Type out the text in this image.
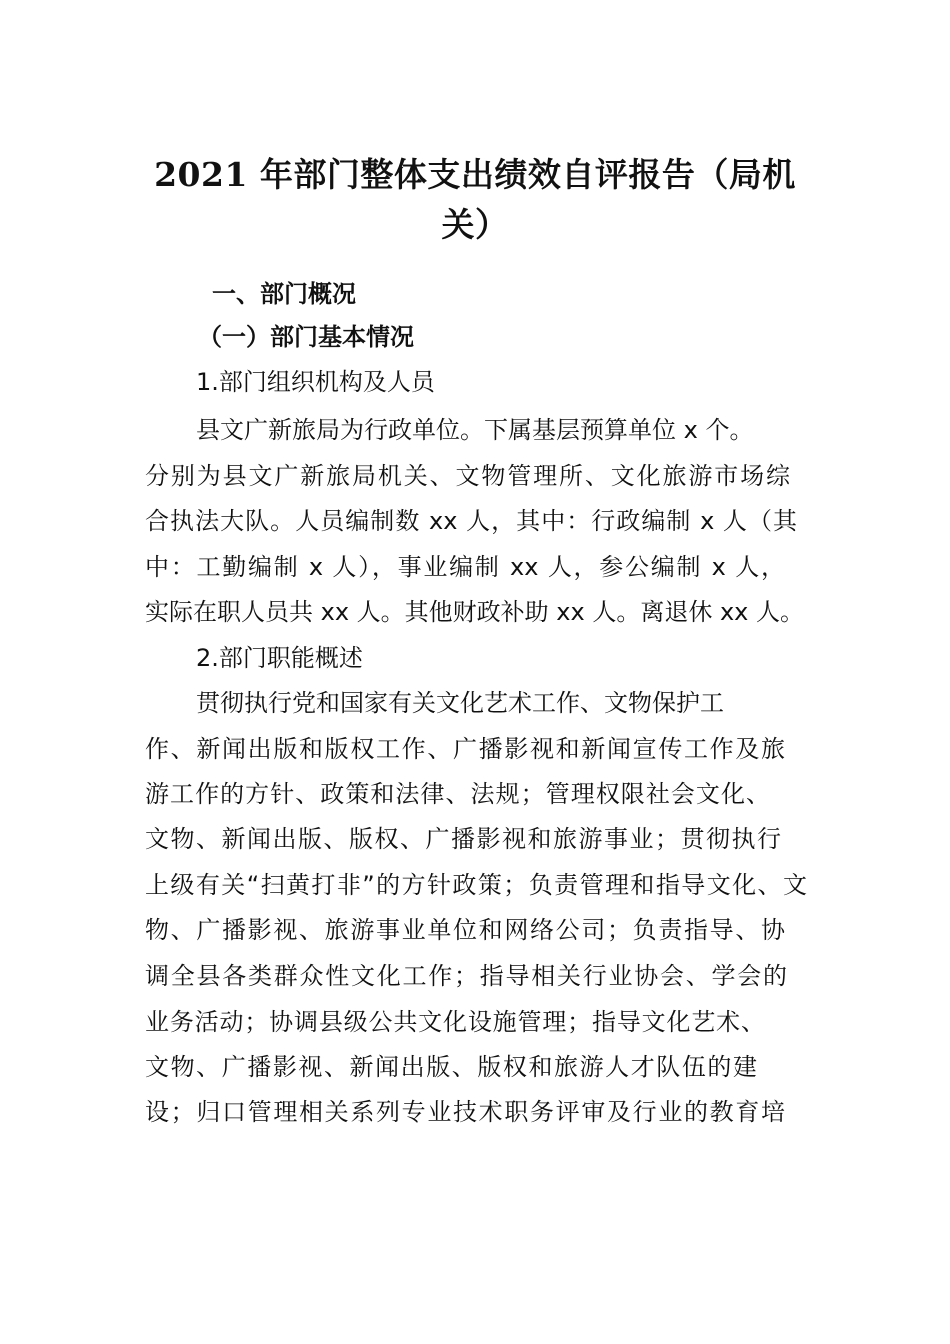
2021 年部门整体支出绩效自评报告（局机关）
一、部门概况
（一）部门基本情况
1.部门组织机构及人员
县文广新旅局为行政单位。下属基层预算单位 x 个。
分别为县文广新旅局机关、文物管理所、文化旅游市场综
合执法大队。人员编制数 xx 人，其中：行政编制 x 人（其
中：工勤编制 x 人），事业编制 xx 人，参公编制 x 人，
实际在职人员共 xx 人。其他财政补助 xx 人。离退休 xx 人。
2.部门职能概述
贯彻执行党和国家有关文化艺术工作、文物保护工
作、新闻出版和版权工作、广播影视和新闻宣传工作及旅
游工作的方针、政策和法律、法规；管理权限社会文化、
文物、新闻出版、版权、广播影视和旅游事业；贯彻执行
上级有关“扫黄打非”的方针政策；负责管理和指导文化、文
物、广播影视、旅游事业单位和网络公司；负责指导、协
调全县各类群众性文化工作；指导相关行业协会、学会的
业务活动；协调县级公共文化设施管理；指导文化艺术、
文物、广播影视、新闻出版、版权和旅游人才队伍的建
设；归口管理相关系列专业技术职务评审及行业的教育培
